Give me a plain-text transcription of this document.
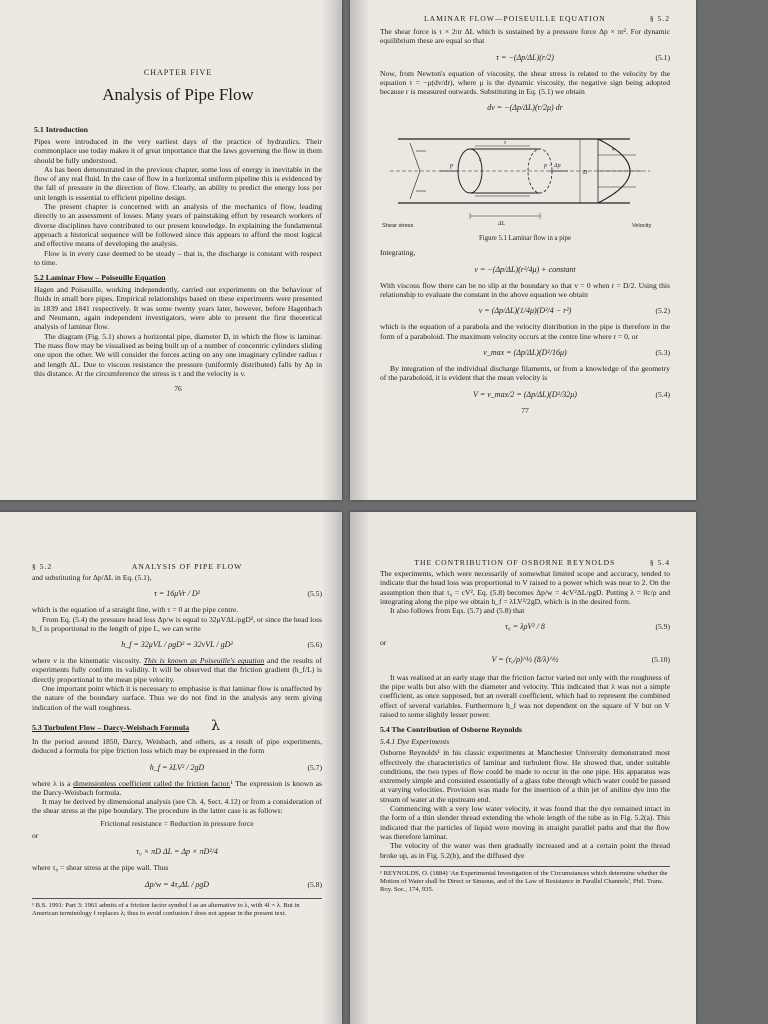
CHAPTER FIVE
Analysis of Pipe Flow
5.1 Introduction

Pipes were introduced in the very earliest days of the practice of hydraulics. Their commonplace use today makes it of great importance that the laws governing the flow in them should be fully understood.

As has been demonstrated in the previous chapter, some loss of energy is inevitable in the flow of any real fluid. In the case of flow in a horizontal uniform pipeline this is evidenced by the fall of pressure in the direction of flow. Clearly, an ability to predict the energy loss per unit length is essential to efficient pipeline design.

The present chapter is concerned with an analysis of the mechanics of flow, leading directly to an assessment of losses. Many years of painstaking effort by research workers of diverse disciplines have contributed to our present knowledge. In explaining the fundamental approach a historical sequence will be followed since this appears to afford the most logical and effective means of developing the analysis.

Flow is in every case deemed to be steady – that is, the discharge is constant with respect to time.

5.2 Laminar Flow – Poiseuille Equation

Hagen and Poiseuille, working independently, carried out experiments on the behaviour of fluids in small bore pipes. Empirical relationships based on these experiments were presented in 1839 and 1841 respectively. It was some twenty years later, however, before Hagenbach and Neumann, again independent investigators, were able to present the first theoretical analysis of laminar flow.

The diagram (Fig. 5.1) shows a horizontal pipe, diameter D, in which the flow is laminar. The mass flow may be visualised as being built up of a number of concentric cylinders sliding one upon the other. We will consider the forces acting on any one imaginary cylinder radius r and length ΔL. Due to viscous resistance the pressure (uniformly distributed) falls by Δp in this distance. At the circumference the stress is τ and the velocity is v.

76
LAMINAR FLOW—POISEUILLE EQUATION	§ 5.2

The shear force is τ × 2πr ΔL which is sustained by a pressure force Δp × πr². For dynamic equilibrium these are equal so that

τ = −(Δp/ΔL)(r/2)	(5.1)

Now, from Newton's equation of viscosity, the shear stress is related to the velocity by the equation τ = −μ(dv/dr), where μ is the dynamic viscosity, the negative sign being adopted because r is measured outwards. Substituting in Eq. (5.1) we obtain

dv = −(Δp/ΔL)(r/2μ) dr
Shear stress	ΔL	Velocity
v
p	p − Δp
r
τ
D
Figure 5.1 Laminar flow in a pipe

Integrating,

v = −(Δp/ΔL)(r²/4μ) + constant

With viscous flow there can be no slip at the boundary so that v = 0 when r = D/2. Using this relationship to evaluate the constant in the above equation we obtain

v = (Δp/ΔL)(1/4μ)(D²/4 − r²)	(5.2)

which is the equation of a parabola and the velocity distribution in the pipe is therefore in the form of a paraboloid. The maximum velocity occurs at the centre line where r = 0, or

v_max = (Δp/ΔL)(D²/16μ)	(5.3)

By integration of the individual discharge filaments, or from a knowledge of the geometry of the paraboloid, it is evident that the mean velocity is

V = v_max/2 = (Δp/ΔL)(D²/32μ)	(5.4)
77
§ 5.2	ANALYSIS OF PIPE FLOW

and substituting for Δp/ΔL in Eq. (5.1),

τ = 16μVr / D²	(5.5)

which is the equation of a straight line, with τ = 0 at the pipe centre.

From Eq. (5.4) the pressure head loss Δp/w is equal to 32μVΔL/ρgD², or since the head loss h_f is proportional to the length of pipe L, we can write

h_f = 32μVL / ρgD² = 32νVL / gD²	(5.6)

where ν is the kinematic viscosity. This is known as Poiseuille's equation and the results of experiments fully confirm its validity. It will be observed that the friction gradient (h_f/L) is directly proportional to the mean pipe velocity.

One important point which it is necessary to emphasise is that laminar flow is unaffected by the nature of the boundary surface. Thus we do not find in the analysis any term giving indication of the wall roughness.

5.3 Turbulent Flow – Darcy-Weisbach Formula λ

In the period around 1850, Darcy, Weisbach, and others, as a result of pipe experiments, deduced a formula for pipe friction loss which may be expressed in the form

h_f = λLV² / 2gD	(5.7)

where λ is a dimensionless coefficient called the friction factor.¹ The expression is known as the Darcy-Weisbach formula.

It may be derived by dimensional analysis (see Ch. 4, Sect. 4.12) or from a consideration of the shear stress at the pipe boundary. The procedure in the latter case is as follows:

Frictional resistance = Reduction in pressure force

or

τ₀ × πD ΔL = Δp × πD²/4

where τ₀ = shear stress at the pipe wall. Thus

Δp/w = 4τ₀ΔL / ρgD	(5.8)
¹ B.S. 1991: Part 3: 1961 admits of a friction factor symbol f as an alternative to λ, with 4f = λ. But in American terminology f replaces λ; thus to avoid confusion f does not appear in the present text.
THE CONTRIBUTION OF OSBORNE REYNOLDS	§ 5.4

The experiments, which were necessarily of somewhat limited scope and accuracy, tended to indicate that the head loss was proportional to V raised to a power which was near to 2. On the assumption then that τ₀ = cV², Eq. (5.8) becomes Δp/w = 4cV²ΔL/ρgD. Putting λ = 8c/ρ and integrating along the pipe we obtain h_f = λLV²/2gD, which is in the desired form.

It also follows from Eqs. (5.7) and (5.8) that

τ₀ = λρV² / 8	(5.9)

or

V = (τ₀/ρ)^½ (8/λ)^½	(5.10)

It was realised at an early stage that the friction factor varied not only with the roughness of the pipe walls but also with the diameter and velocity. This indicated that λ was not a simple coefficient, as once supposed, but an overall coefficient, which had to represent the combined effect of several variables. Furthermore h_f was not dependent on the square of V but on V raised to some slightly lesser power.

5.4 The Contribution of Osborne Reynolds
5.4.1 Dye Experiments

Osborne Reynolds¹ in his classic experiments at Manchester University demonstrated most effectively the characteristics of laminar and turbulent flow. He showed that, under suitable conditions, the two types of flow could be made to occur in the one pipe. His apparatus was extremely simple and consisted essentially of a glass tube through which water could be passed at varying velocities. Provision was made for the insertion of a thin jet of aniline dye into the stream of water at the upstream end.

Commencing with a very low water velocity, it was found that the dye remained intact in the form of a thin slender thread extending the whole length of the tube as in Fig. 5.2(a). This indicated that the particles of liquid were moving in straight parallel paths and that the flow was therefore laminar.

The velocity of the water was then gradually increased and at a certain point the thread broke up, as in Fig. 5.2(b), and the diffused dye

¹ REYNOLDS, O. (1884) 'An Experimental Investigation of the Circumstances which determine whether the Motion of Water shall be Direct or Sinuous, and of the Law of Resistance in Parallel Channels', Phil. Trans. Roy. Soc., 174, 935.
